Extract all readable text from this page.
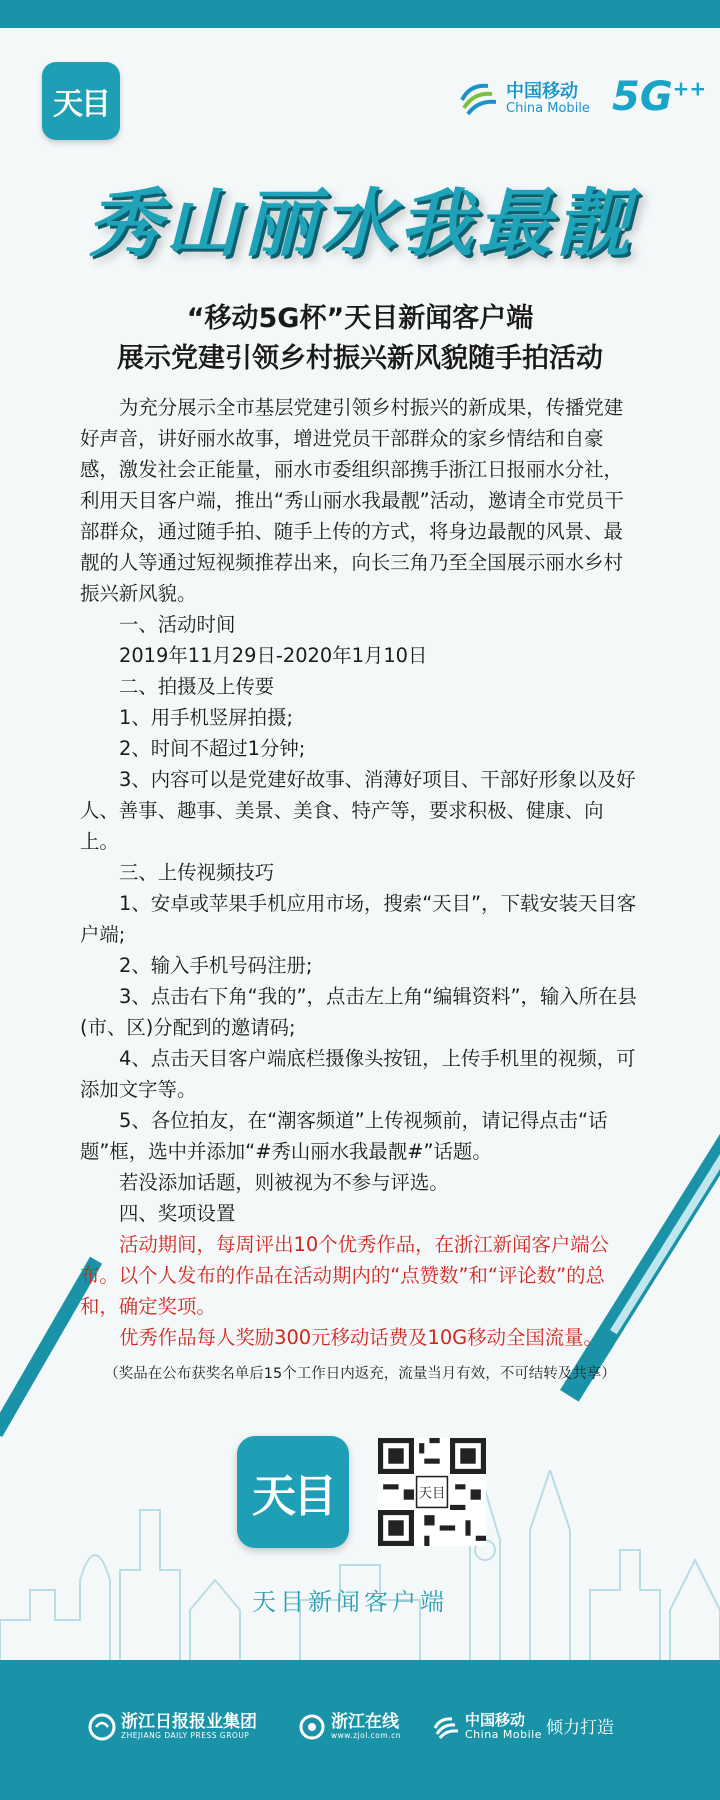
天目	中国移动
China Mobile 5G++
秀山丽水我最靓
“移动5G杯”天目新闻客户端
展示党建引领乡村振兴新风貌随手拍活动

为充分展示全市基层党建引领乡村振兴的新成果，传播党建好声音，讲好丽水故事，增进党员干部群众的家乡情结和自豪感，激发社会正能量，丽水市委组织部携手浙江日报丽水分社，利用天目客户端，推出“秀山丽水我最靓”活动，邀请全市党员干部群众，通过随手拍、随手上传的方式，将身边最靓的风景、最靓的人等通过短视频推荐出来，向长三角乃至全国展示丽水乡村振兴新风貌。

一、活动时间

2019年11月29日-2020年1月10日

二、拍摄及上传要

1、用手机竖屏拍摄;

2、时间不超过1分钟;

3、内容可以是党建好故事、消薄好项目、干部好形象以及好人、善事、趣事、美景、美食、特产等，要求积极、健康、向上。

三、上传视频技巧

1、安卓或苹果手机应用市场，搜索“天目”，下载安装天目客户端;

2、输入手机号码注册;

3、点击右下角“我的”，点击左上角“编辑资料”，输入所在县(市、区)分配到的邀请码;

4、点击天目客户端底栏摄像头按钮，上传手机里的视频，可添加文字等。

5、各位拍友，在“潮客频道”上传视频前，请记得点击“话题”框，选中并添加“#秀山丽水我最靓#”话题。

若没添加话题，则被视为不参与评选。

四、奖项设置

活动期间，每周评出10个优秀作品，在浙江新闻客户端公布。以个人发布的作品在活动期内的“点赞数”和“评论数”的总和，确定奖项。

优秀作品每人奖励300元移动话费及10G移动全国流量。

（奖品在公布获奖名单后15个工作日内返充，流量当月有效，不可结转及共享）
天目	天目
天目新闻客户端
浙江日报报业集团
ZHEJIANG DAILY PRESS GROUP
浙江在线
www.zjol.com.cn
中国移动
China Mobile 倾力打造
